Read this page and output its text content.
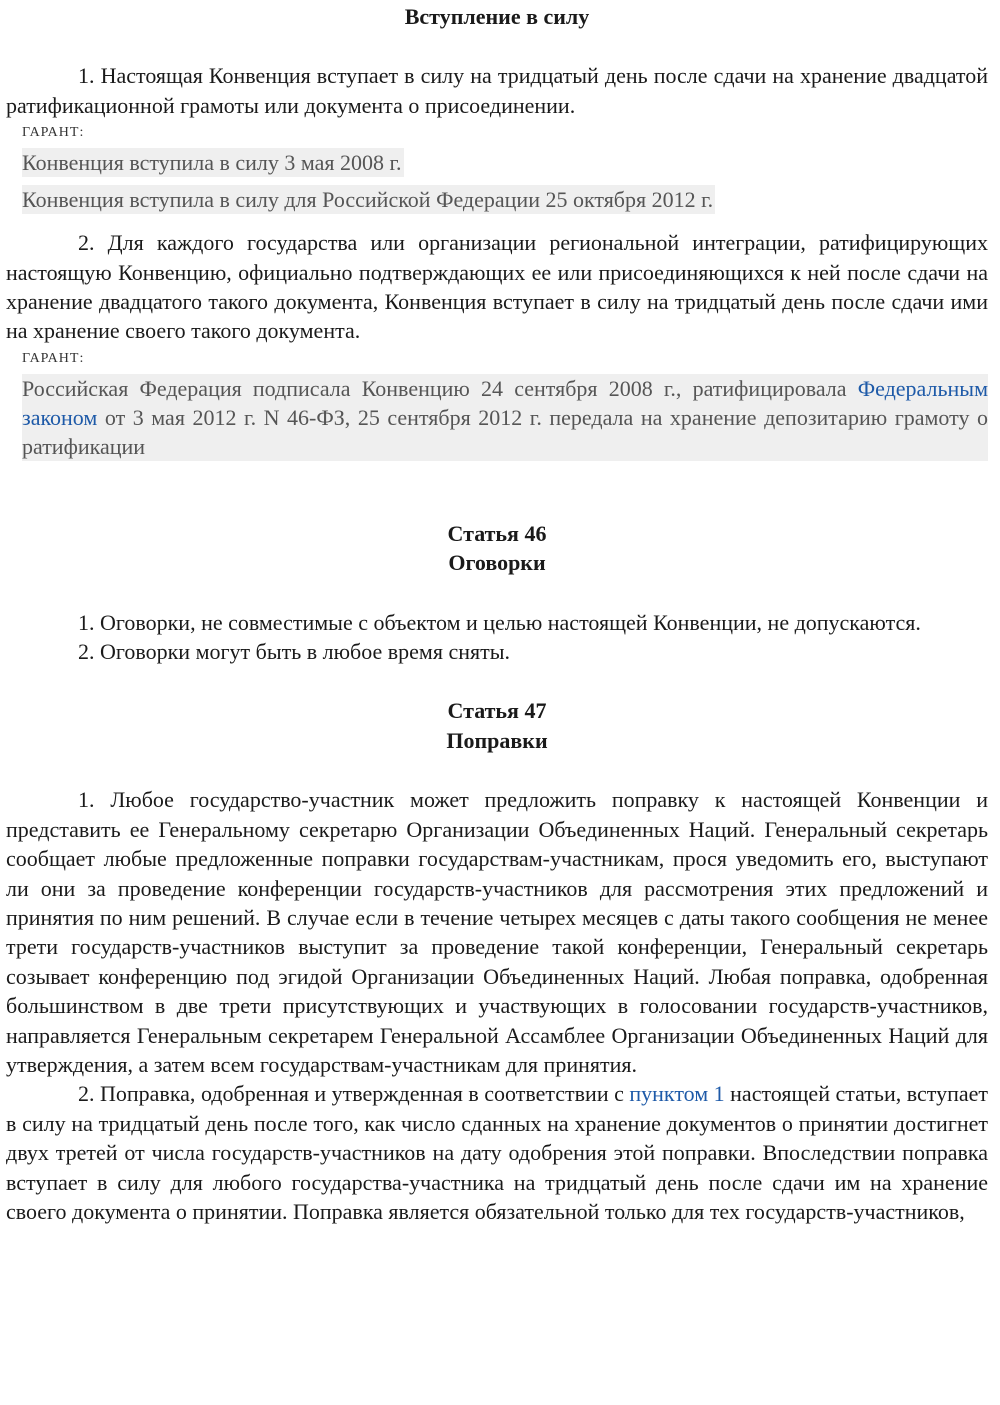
Вступление в силу

1. Настоящая Конвенция вступает в силу на тридцатый день после сдачи на хранение двадцатой ратификационной грамоты или документа о присоединении.

ГАРАНТ:

Конвенция вступила в силу 3 мая 2008 г.
Конвенция вступила в силу для Российской Федерации 25 октября 2012 г.

2. Для каждого государства или организации региональной интеграции, ратифицирующих настоящую Конвенцию, официально подтверждающих ее или присоединяющихся к ней после сдачи на хранение двадцатого такого документа, Конвенция вступает в силу на тридцатый день после сдачи ими на хранение своего такого документа.

ГАРАНТ:

Российская Федерация подписала Конвенцию 24 сентября 2008 г., ратифицировала Федеральным законом от 3 мая 2012 г. N 46-ФЗ, 25 сентября 2012 г. передала на хранение депозитарию грамоту о ратификации

Статья 46

Оговорки

1. Оговорки, не совместимые с объектом и целью настоящей Конвенции, не допускаются.

2. Оговорки могут быть в любое время сняты.

Статья 47

Поправки

1. Любое государство-участник может предложить поправку к настоящей Конвенции и представить ее Генеральному секретарю Организации Объединенных Наций. Генеральный секретарь сообщает любые предложенные поправки государствам-участникам, прося уведомить его, выступают ли они за проведение конференции государств-участников для рассмотрения этих предложений и принятия по ним решений. В случае если в течение четырех месяцев с даты такого сообщения не менее трети государств-участников выступит за проведение такой конференции, Генеральный секретарь созывает конференцию под эгидой Организации Объединенных Наций. Любая поправка, одобренная большинством в две трети присутствующих и участвующих в голосовании государств-участников, направляется Генеральным секретарем Генеральной Ассамблее Организации Объединенных Наций для утверждения, а затем всем государствам-участникам для принятия.

2. Поправка, одобренная и утвержденная в соответствии с пунктом 1 настоящей статьи, вступает в силу на тридцатый день после того, как число сданных на хранение документов о принятии достигнет двух третей от числа государств-участников на дату одобрения этой поправки. Впоследствии поправка вступает в силу для любого государства-участника на тридцатый день после сдачи им на хранение своего документа о принятии. Поправка является обязательной только для тех государств-участников,
